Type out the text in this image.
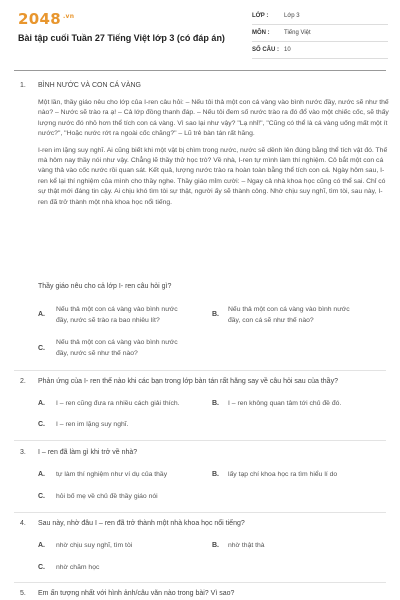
2048 $^{.vn}$
Bài tập cuối Tuần 27 Tiếng Việt lớp 3 (có đáp án)
LỚP :	Lớp 3
MÔN : Tiếng Việt
SỐ CÂU : 10
1. BÌNH NƯỚC VÀ CON CÁ VÀNG

Một lần, thầy giáo nêu cho lớp của I-ren câu hỏi: – Nếu tôi thả một con cá vàng vào bình nước đầy, nước sẽ như thế nào? – Nước sẽ trào ra ạ! – Cả lớp đồng thanh đáp. – Nếu tôi đem số nước trào ra đó đổ vào một chiếc cốc, sẽ thấy lượng nước đó nhỏ hơn thể tích con cá vàng. Vì sao lại như vậy? "Lạ nhỉ!", "Cũng có thể là cá vàng uống mất một ít nước?", "Hoặc nước rớt ra ngoài cốc chăng?" – Lũ trẻ bàn tán rất hăng.

I-ren im lặng suy nghĩ. Ai cũng biết khi một vật bị chìm trong nước, nước sẽ dềnh lên đúng bằng thể tích vật đó. Thế mà hôm nay thầy nói như vậy. Chẳng lẽ thầy thử học trò? Về nhà, I-ren tự mình làm thí nghiệm. Cô bắt một con cá vàng thả vào cốc nước rồi quan sát. Kết quả, lượng nước trào ra hoàn toàn bằng thể tích con cá. Ngày hôm sau, I-ren kể lại thí nghiệm của mình cho thầy nghe. Thầy giáo mỉm cười: – Ngay cả nhà khoa học cũng có thể sai. Chỉ có sự thật mới đáng tin cậy. Ai chịu khó tìm tòi sự thật, người ấy sẽ thành công. Nhờ chịu suy nghĩ, tìm tòi, sau này, I-ren đã trở thành một nhà khoa học nổi tiếng.

Thầy giáo nêu cho cả lớp I- ren câu hỏi gì?
A.
Nếu thả một con cá vàng vào bình nước
đầy, nước sẽ trào ra bao nhiêu lít?
B.
Nếu thả một con cá vàng vào bình nước
đầy, con cá sẽ như thế nào?
C.
Nếu thả một con cá vàng vào bình nước
đầy, nước sẽ như thế nào?
2. Phản ứng của I- ren thế nào khi các bạn trong lớp bàn tán rất hăng say về câu hỏi sau của thầy?
A. I – ren cũng đưa ra nhiều cách giải thích.	B. I – ren không quan tâm tới chủ đề đó.
C. I – ren im lặng suy nghĩ.
3. I – ren đã làm gì khi trở về nhà?
A. tự làm thí nghiệm như ví dụ của thầy	B. lấy tạp chí khoa học ra tìm hiểu lí do
C. hỏi bố mẹ về chủ đề thầy giáo nói
4. Sau này, nhờ đâu I – ren đã trở thành một nhà khoa học nổi tiếng?
A. nhờ chịu suy nghĩ, tìm tòi	B. nhờ thật thà
C. nhờ chăm học
5. Em ấn tượng nhất với hình ảnh/câu văn nào trong bài? Vì sao?
